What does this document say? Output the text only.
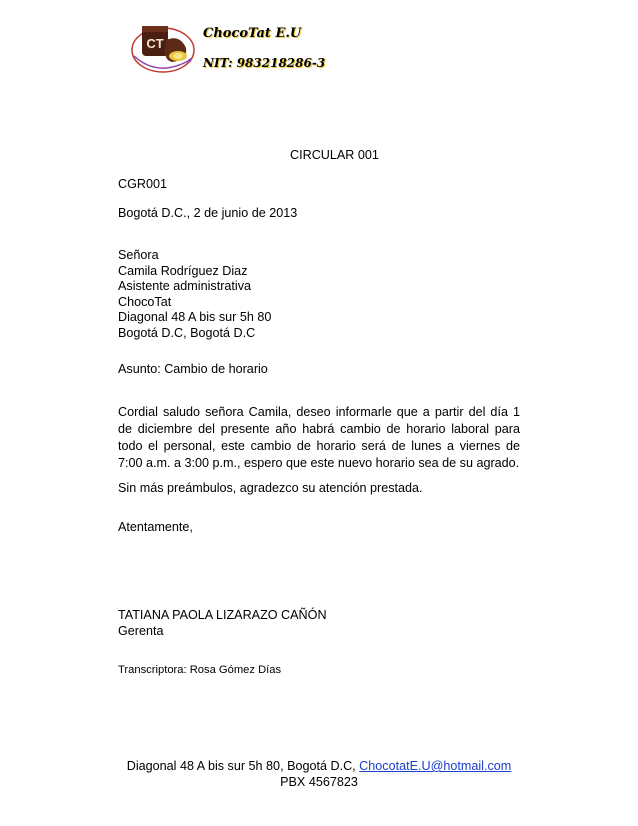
CT
ChocoTat E.U
NIT: 983218286-3
CIRCULAR 001
CGR001
Bogotá D.C., 2 de junio de 2013
Señora
Camila Rodríguez Diaz
Asistente administrativa
ChocoTat
Diagonal 48 A bis sur 5h 80
Bogotá D.C, Bogotá D.C
Asunto: Cambio de horario
Cordial saludo señora Camila, deseo informarle que a partir del día 1 de diciembre del presente año habrá cambio de horario laboral para todo el personal, este cambio de horario será de lunes a viernes de 7:00 a.m. a 3:00 p.m., espero que este nuevo horario sea de su agrado.
Sin más preámbulos, agradezco su atención prestada.
Atentamente,
TATIANA PAOLA LIZARAZO CAÑÓN
Gerenta
Transcriptora: Rosa Gómez Días
Diagonal 48 A bis sur 5h 80, Bogotá D.C, ChocotatE.U@hotmail.com
PBX 4567823
